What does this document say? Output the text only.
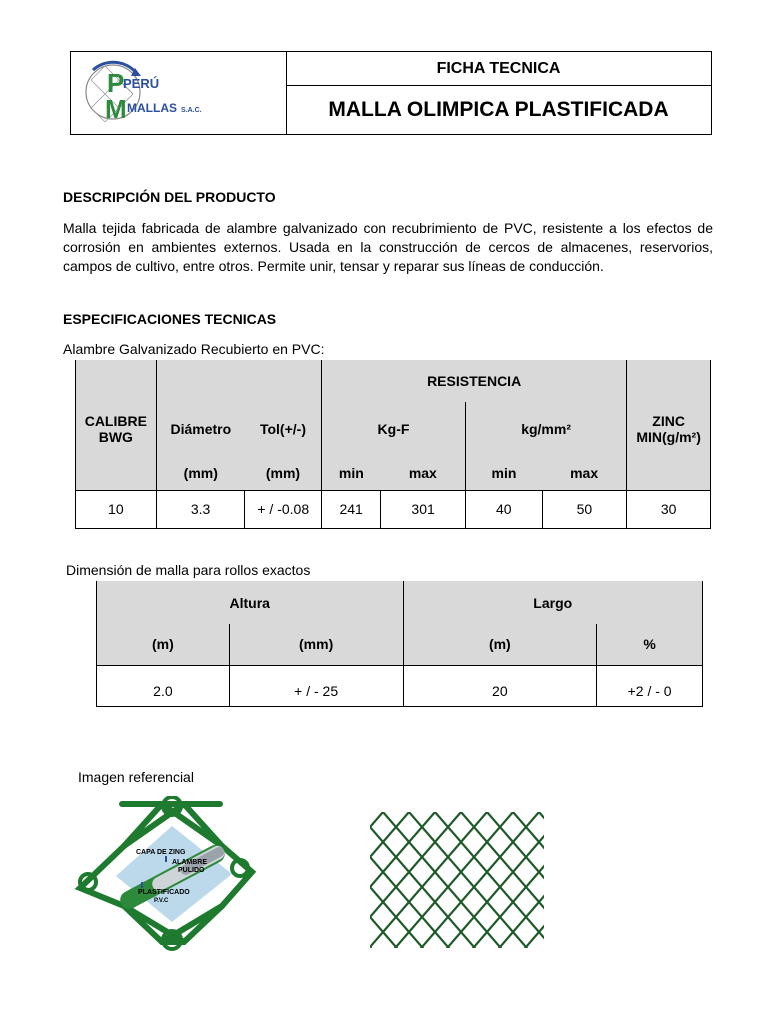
P
PERÚ
M MALLAS S.A.C.
FICHA TECNICA
MALLA OLIMPICA PLASTIFICADA
DESCRIPCIÓN DEL PRODUCTO
Malla tejida fabricada de alambre galvanizado con recubrimiento de PVC, resistente a los efectos de corrosión en ambientes externos. Usada en la construcción de cercos de almacenes, reservorios, campos de cultivo, entre otros. Permite unir, tensar y reparar sus líneas de conducción.
ESPECIFICACIONES TECNICAS
Alambre Galvanizado Recubierto en PVC:
			RESISTENCIA				
CALIBRE BWG	Diámetro	Tol(+/-)	Kg-F		kg/mm²		ZINC MIN(g/m²)
	(mm)	(mm)	min	max	min	max	
10	3.3	+ / -0.08	241	301	40	50	30
Dimensión de malla para rollos exactos
Altura		Largo	
(m)	(mm)	(m)	%
2.0	+ / - 25	20	+2 / - 0
Imagen referencial
CAPA DE ZING
ALAMBRE
PULIDO
PLASTIFICADO
P.V.C
